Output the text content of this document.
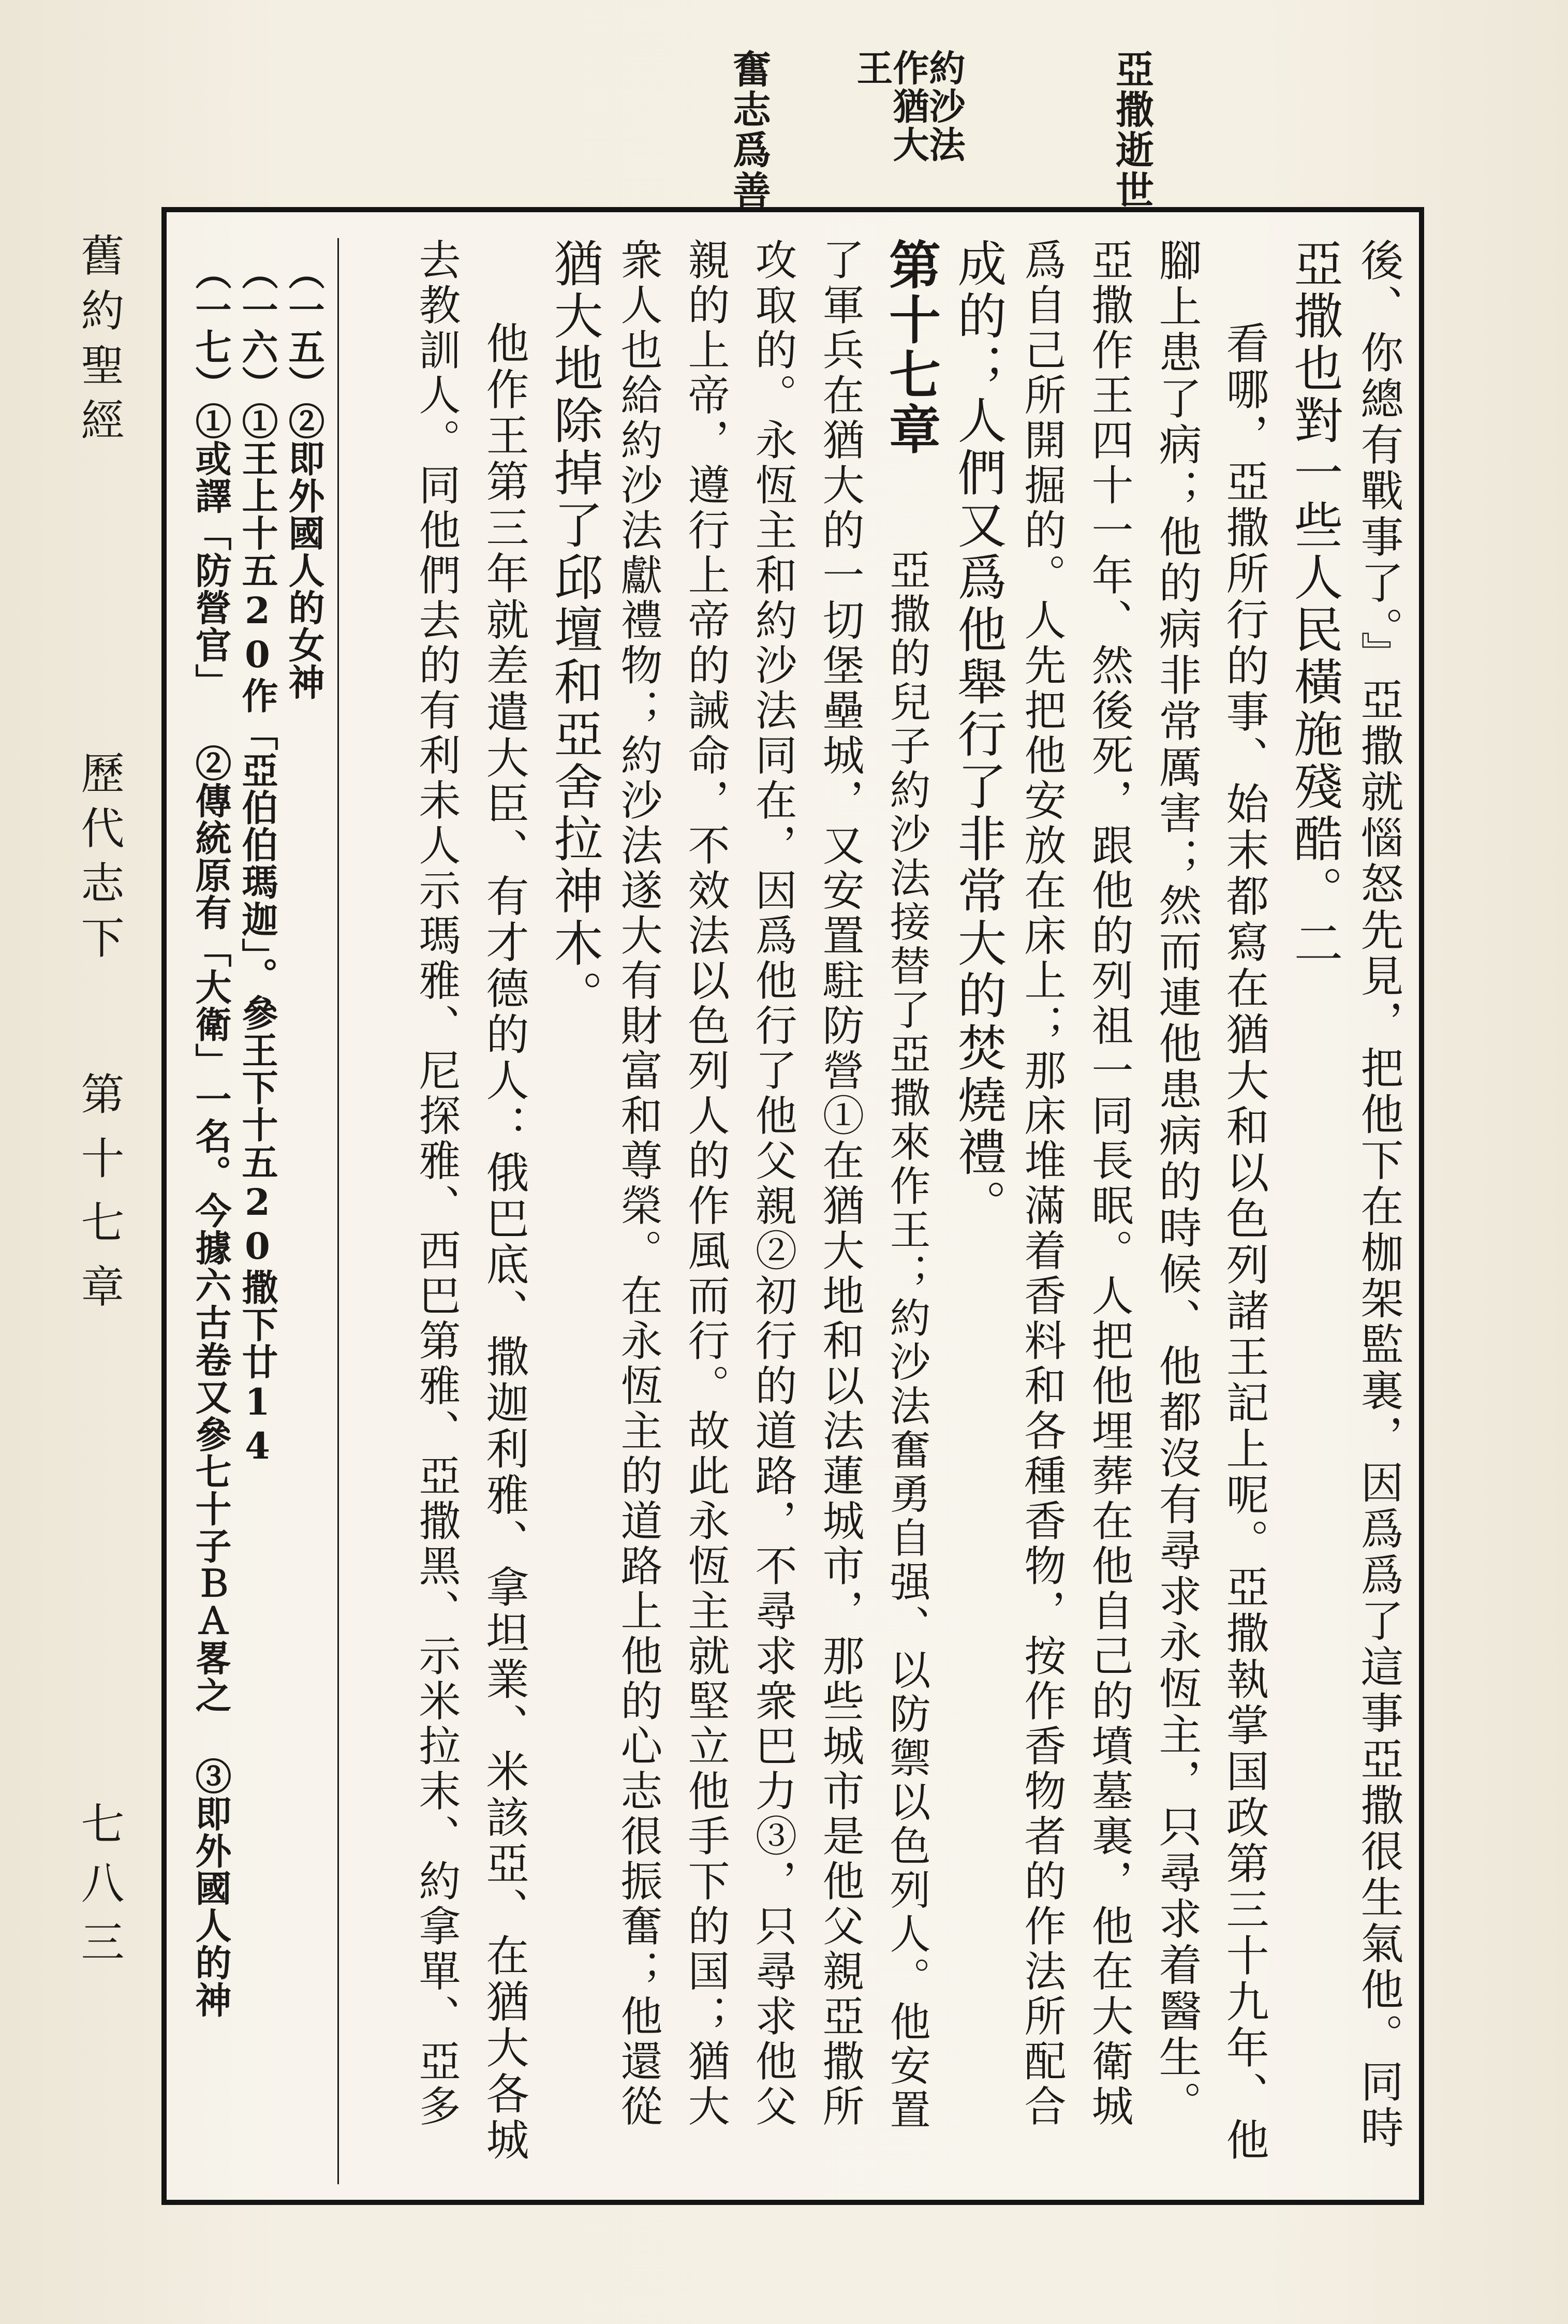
亞撒逝世
約沙法作猶大王
奮志爲善
舊約聖經
歷代志下
第十七章
七八三	後、你總有戰事了。』亞撒就惱怒先見，把他下在枷架監裏，因爲爲了這事亞撒很生氣他。同時
亞撒也對一些人民橫施殘酷。二
看哪，亞撒所行的事、始末都寫在猶大和以色列諸王記上呢。亞撒執掌国政第三十九年、他
腳上患了病；他的病非常厲害；然而連他患病的時候、他都沒有尋求永恆主，只尋求着醫生。
亞撒作王四十一年、然後死，跟他的列祖一同長眠。人把他埋葬在他自己的墳墓裏，他在大衛城
爲自己所開掘的。人先把他安放在床上；那床堆滿着香料和各種香物，按作香物者的作法所配合
成的；人們又爲他舉行了非常大的焚燒禮。
第十七章
亞撒的兒子約沙法接替了亞撒來作王；約沙法奮勇自强、以防禦以色列人。他安置
了軍兵在猶大的一切堡壘城，又安置駐防營①在猶大地和以法蓮城市，那些城市是他父親亞撒所
攻取的。永恆主和約沙法同在，因爲他行了他父親②初行的道路，不尋求衆巴力③，只尋求他父
親的上帝，遵行上帝的誡命，不效法以色列人的作風而行。故此永恆主就堅立他手下的国；猶大
衆人也給約沙法獻禮物；約沙法遂大有財富和尊榮。在永恆主的道路上他的心志很振奮；他還從
猶大地除掉了邱壇和亞舍拉神木。
他作王第三年就差遣大臣、有才德的人：俄巴底、撒迦利雅、拿坦業、米該亞、在猶大各城
去教訓人。同他們去的有利未人示瑪雅、尼探雅、西巴第雅、亞撒黑、示米拉末、約拿單、亞多
（一五）②即外國人的女神
（一六）①王上十五20作「亞伯伯瑪迦」。參王下十五20撒下廿14
（一七）①或譯「防營官」 ②傳統原有「大衛」一名。今據六古卷又參七十子ＢＡ畧之 ③即外國人的神
